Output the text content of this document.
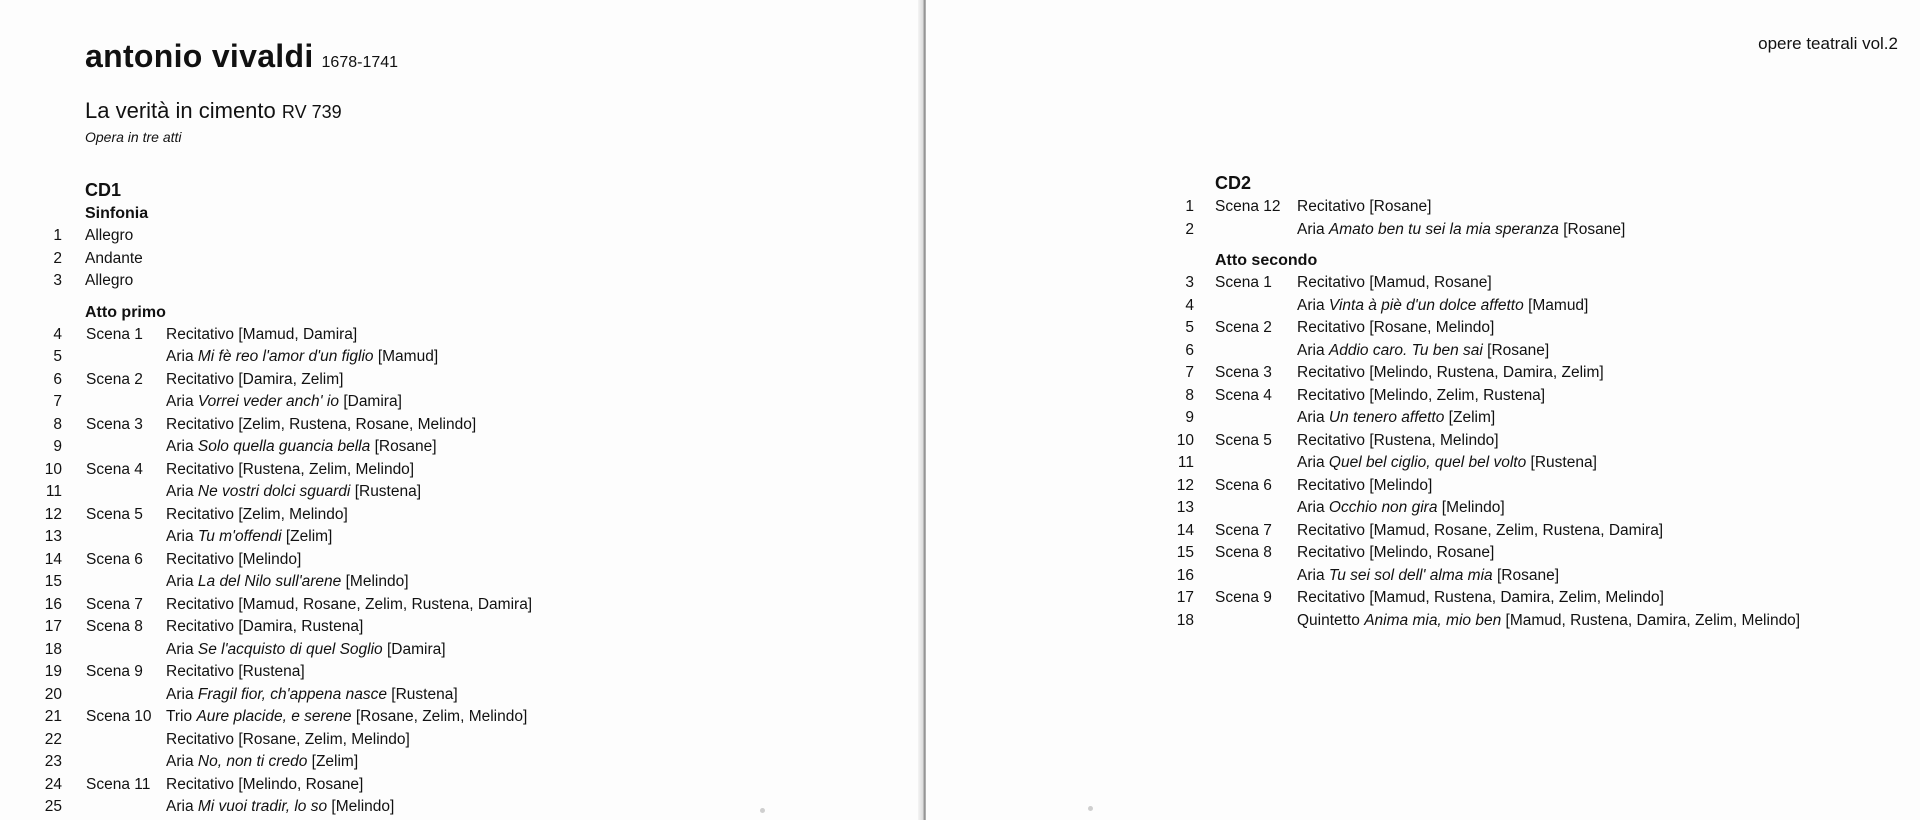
antonio vivaldi 1678-1741
La verità in cimento RV 739
Opera in tre atti
CD1
Sinfonia
1 Allegro
2 Andante
3 Allegro
Atto primo
4 Scena 1 Recitativo [Mamud, Damira]
5	Aria Mi fè reo l'amor d'un figlio [Mamud]
6 Scena 2 Recitativo [Damira, Zelim]
7	Aria Vorrei veder anch' io [Damira]
8 Scena 3 Recitativo [Zelim, Rustena, Rosane, Melindo]
9	Aria Solo quella guancia bella [Rosane]
10 Scena 4 Recitativo [Rustena, Zelim, Melindo]
11	Aria Ne vostri dolci sguardi [Rustena]
12 Scena 5 Recitativo [Zelim, Melindo]
13	Aria Tu m'offendi [Zelim]
14 Scena 6 Recitativo [Melindo]
15	Aria La del Nilo sull'arene [Melindo]
16 Scena 7 Recitativo [Mamud, Rosane, Zelim, Rustena, Damira]
17 Scena 8 Recitativo [Damira, Rustena]
18	Aria Se l'acquisto di quel Soglio [Damira]
19 Scena 9 Recitativo [Rustena]
20	Aria Fragil fior, ch'appena nasce [Rustena]
21 Scena 10 Trio Aure placide, e serene [Rosane, Zelim, Melindo]
22	Recitativo [Rosane, Zelim, Melindo]
23	Aria No, non ti credo [Zelim]
24 Scena 11 Recitativo [Melindo, Rosane]
25	Aria Mi vuoi tradir, lo so [Melindo]
opere teatrali vol.2
CD2
1 Scena 12 Recitativo [Rosane]
2	Aria Amato ben tu sei la mia speranza [Rosane]
Atto secondo
3 Scena 1 Recitativo [Mamud, Rosane]
4	Aria Vinta à piè d'un dolce affetto [Mamud]
5 Scena 2 Recitativo [Rosane, Melindo]
6	Aria Addio caro. Tu ben sai [Rosane]
7 Scena 3 Recitativo [Melindo, Rustena, Damira, Zelim]
8 Scena 4 Recitativo [Melindo, Zelim, Rustena]
9	Aria Un tenero affetto [Zelim]
10 Scena 5 Recitativo [Rustena, Melindo]
11	Aria Quel bel ciglio, quel bel volto [Rustena]
12 Scena 6 Recitativo [Melindo]
13	Aria Occhio non gira [Melindo]
14 Scena 7 Recitativo [Mamud, Rosane, Zelim, Rustena, Damira]
15 Scena 8 Recitativo [Melindo, Rosane]
16	Aria Tu sei sol dell' alma mia [Rosane]
17 Scena 9 Recitativo [Mamud, Rustena, Damira, Zelim, Melindo]
18	Quintetto Anima mia, mio ben [Mamud, Rustena, Damira, Zelim, Melindo]
